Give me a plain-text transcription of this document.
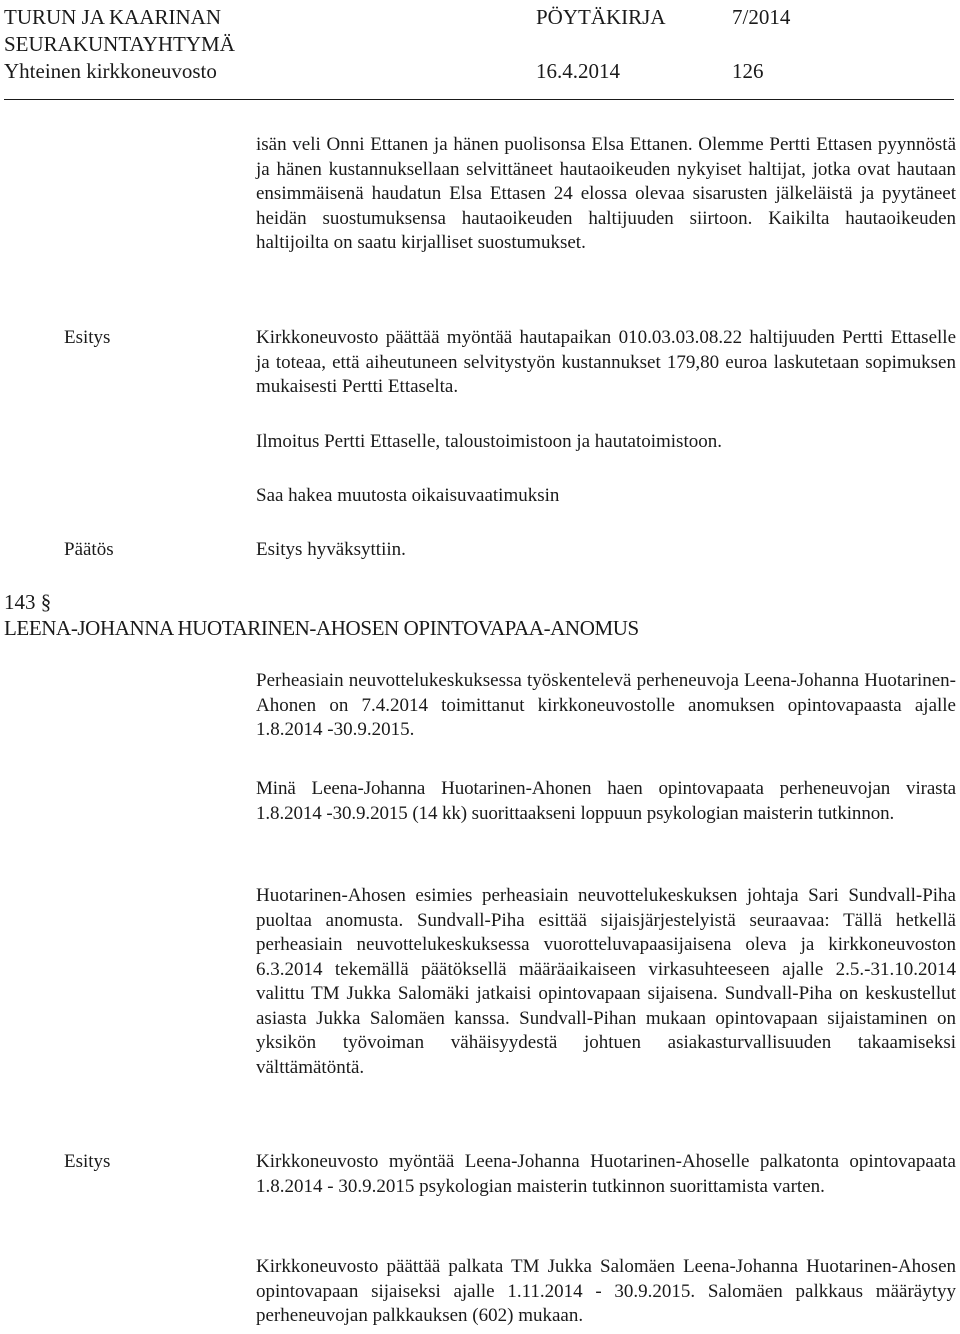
TURUN JA KAARINAN	PÖYTÄKIRJA	7/2014
SEURAKUNTAYHTYMÄ
Yhteinen kirkkoneuvosto	16.4.2014	126
isän veli Onni Ettanen ja hänen puolisonsa Elsa Ettanen. Olemme Pertti Ettasen pyynnöstä ja hänen kustannuksellaan selvittäneet hautaoikeuden nykyiset haltijat, jotka ovat hautaan ensimmäisenä haudatun Elsa Ettasen 24 elossa olevaa sisarusten jälkeläistä ja pyytäneet heidän suostumuksensa hautaoikeuden haltijuuden siirtoon. Kaikilta hautaoikeuden haltijoilta on saatu kirjalliset suostumukset.
Esitys	Kirkkoneuvosto päättää myöntää hautapaikan 010.03.03.08.22 haltijuuden Pertti Ettaselle ja toteaa, että aiheutuneen selvitystyön kustannukset 179,80 euroa laskutetaan sopimuksen mukaisesti Pertti Ettaselta.
Ilmoitus Pertti Ettaselle, taloustoimistoon ja hautatoimistoon.
Saa hakea muutosta oikaisuvaatimuksin
Päätös	Esitys hyväksyttiin.
143 §
LEENA-JOHANNA HUOTARINEN-AHOSEN OPINTOVAPAA-ANOMUS
Perheasiain neuvottelukeskuksessa työskentelevä perheneuvoja Leena-Johanna Huotarinen-Ahonen on 7.4.2014 toimittanut kirkkoneuvostolle anomuksen opintovapaasta ajalle 1.8.2014 -30.9.2015.
Minä Leena-Johanna Huotarinen-Ahonen haen opintovapaata perheneuvojan virasta 1.8.2014 -30.9.2015 (14 kk) suorittaakseni loppuun psykologian maisterin tutkinnon.
Huotarinen-Ahosen esimies perheasiain neuvottelukeskuksen johtaja Sari Sundvall-Piha puoltaa anomusta. Sundvall-Piha esittää sijaisjärjestelyistä seuraavaa: Tällä hetkellä perheasiain neuvottelukeskuksessa vuorotteluvapaasijaisena oleva ja kirkkoneuvoston 6.3.2014 tekemällä päätöksellä määräaikaiseen virkasuhteeseen ajalle 2.5.-31.10.2014 valittu TM Jukka Salomäki jatkaisi opintovapaan sijaisena. Sundvall-Piha on keskustellut asiasta Jukka Salomäen kanssa. Sundvall-Pihan mukaan opintovapaan sijaistaminen on yksikön työvoiman vähäisyydestä johtuen asiakasturvallisuuden takaamiseksi välttämätöntä.
Esitys	Kirkkoneuvosto myöntää Leena-Johanna Huotarinen-Ahoselle palkatonta opintovapaata 1.8.2014 - 30.9.2015 psykologian maisterin tutkinnon suorittamista varten.
Kirkkoneuvosto päättää palkata TM Jukka Salomäen Leena-Johanna Huotarinen-Ahosen opintovapaan sijaiseksi ajalle 1.11.2014 - 30.9.2015. Salomäen palkkaus määräytyy perheneuvojan palkkauksen (602) mukaan.
